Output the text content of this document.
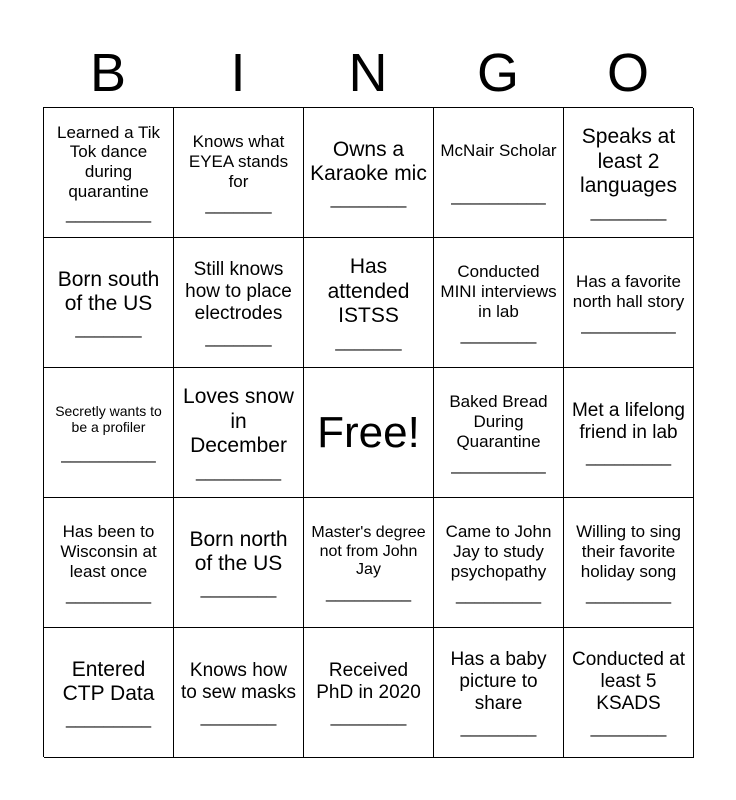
B	I	N	G	O
Learned a Tik Tok dance during quarantine
_________
Knows what EYEA stands for
_______
Owns a Karaoke mic
________
McNair Scholar
__________
Speaks at least 2 languages
________
Born south of the US
_______
Still knows how to place electrodes
_______
Has attended ISTSS
_______
Conducted MINI interviews in lab
________
Has a favorite north hall story
__________
Secretly wants to be a profiler
__________
Loves snow in December
_________
Free!
Baked Bread During Quarantine
__________
Met a lifelong friend in lab
_________
Has been to Wisconsin at least once
_________
Born north of the US
________
Master's degree not from John Jay
_________
Came to John Jay to study psychopathy
_________
Willing to sing their favorite holiday song
_________
Entered CTP Data
_________
Knows how to sew masks
________
Received PhD in 2020
________
Has a baby picture to share
________
Conducted at least 5 KSADS
________
